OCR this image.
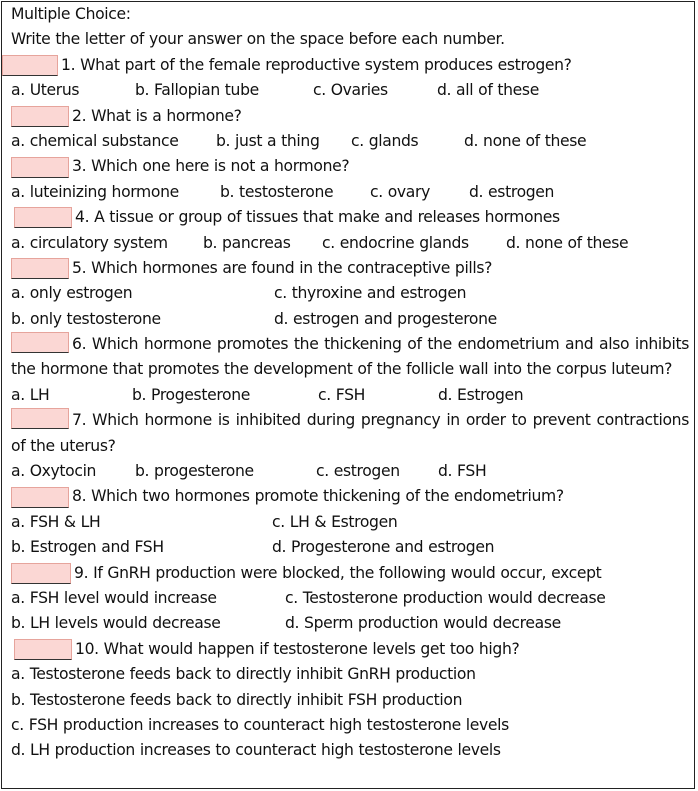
Multiple Choice:
Write the letter of your answer on the space before each number.
1. What part of the female reproductive system produces estrogen?
a. Uterus	b. Fallopian tube	c. Ovaries	d. all of these
2. What is a hormone?
a. chemical substance b. just a thing c. glands	d. none of these
3. Which one here is not a hormone?
a. luteinizing hormone	b. testosterone c. ovary	d. estrogen
4. A tissue or group of tissues that make and releases hormones
a. circulatory system b. pancreas c. endocrine glands d. none of these
5. Which hormones are found in the contraceptive pills?
a. only estrogen	c. thyroxine and estrogen
b. only testosterone	d. estrogen and progesterone
6. Which hormone promotes the thickening of the endometrium and also inhibits the hormone that promotes the development of the follicle wall into the corpus luteum?
a. LH	b. Progesterone	c. FSH	d. Estrogen
7. Which hormone is inhibited during pregnancy in order to prevent contractions of the uterus?
a. Oxytocin b. progesterone	c. estrogen d. FSH
8. Which two hormones promote thickening of the endometrium?
a. FSH & LH	c. LH & Estrogen
b. Estrogen and FSH	d. Progesterone and estrogen
9. If GnRH production were blocked, the following would occur, except
a. FSH level would increase	c. Testosterone production would decrease
b. LH levels would decrease	d. Sperm production would decrease
10. What would happen if testosterone levels get too high?
a. Testosterone feeds back to directly inhibit GnRH production
b. Testosterone feeds back to directly inhibit FSH production
c. FSH production increases to counteract high testosterone levels
d. LH production increases to counteract high testosterone levels
